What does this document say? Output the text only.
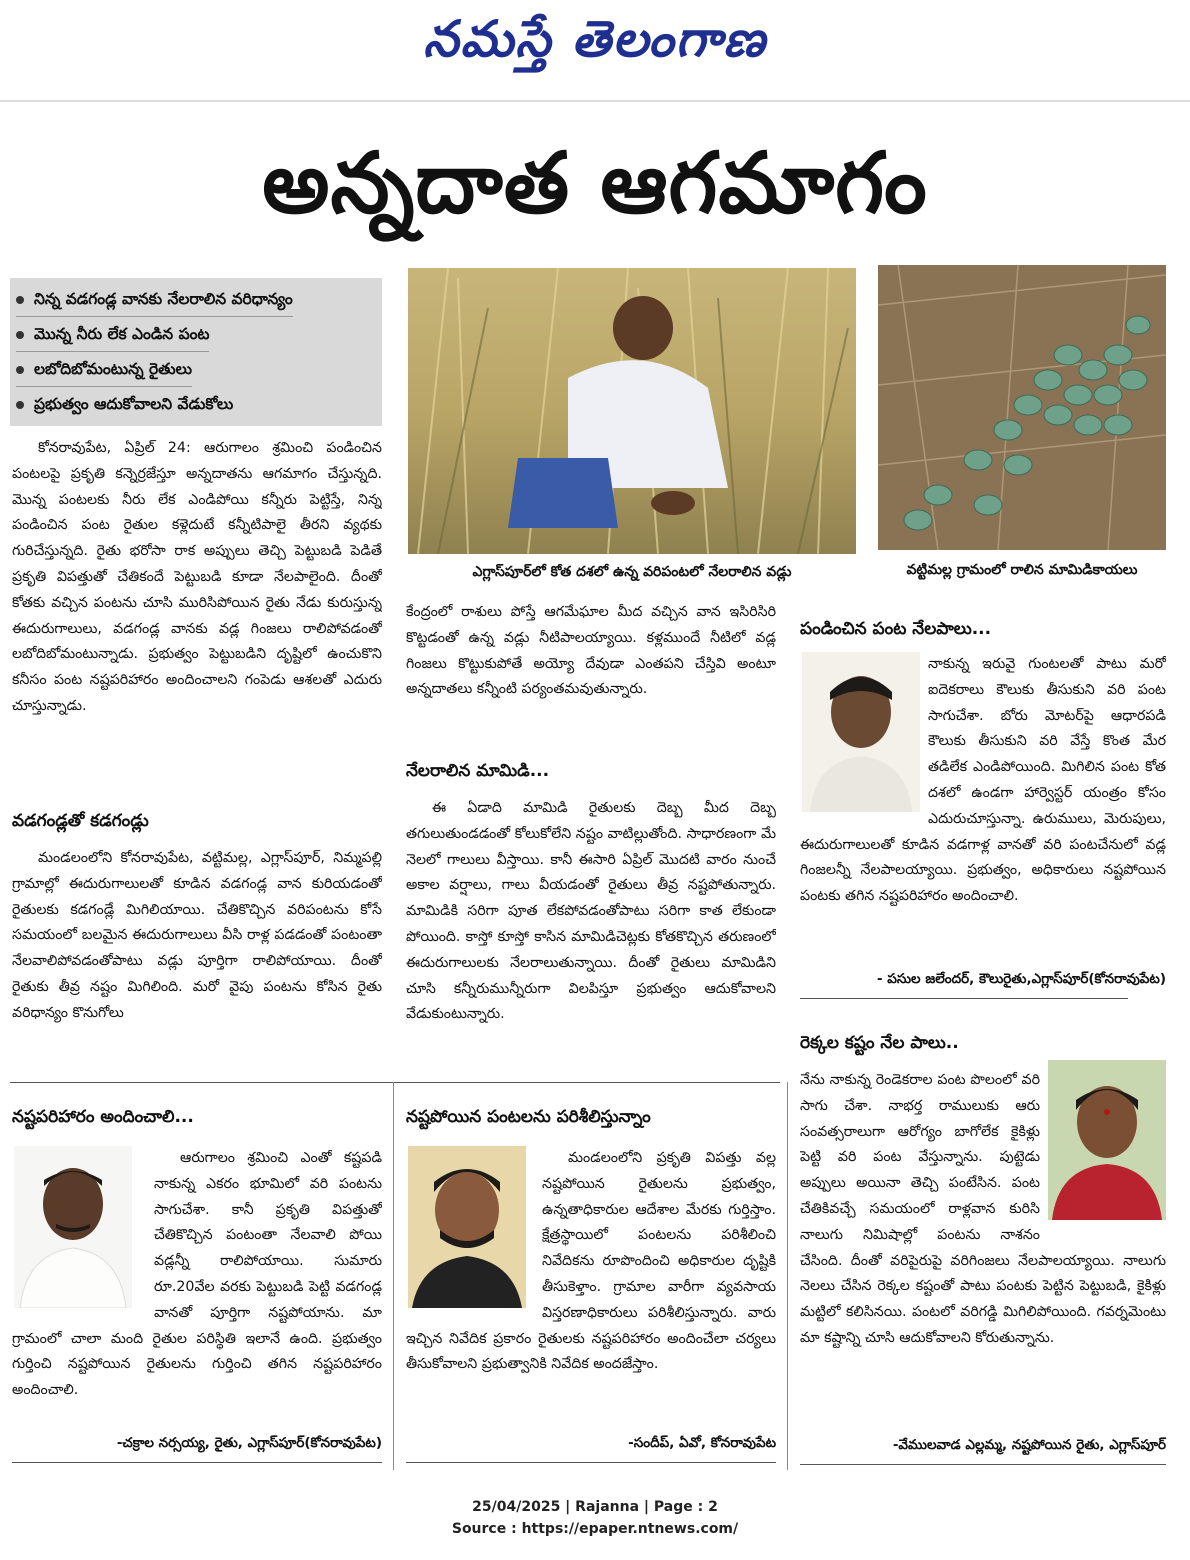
నమస్తే తెలంగాణ
అన్నదాత ఆగమాగం
నిన్న వడగండ్ల వానకు నేలరాలిన వరిధాన్యం
మొన్న నీరు లేక ఎండిన పంట
లబోదిబోమంటున్న రైతులు
ప్రభుత్వం ఆదుకోవాలని వేడుకోలు

కోనరావుపేట, ఏప్రిల్ 24: ఆరుగాలం శ్రమించి పండించిన పంటలపై ప్రకృతి కన్నెర్రజేస్తూ అన్నదాతను ఆగమాగం చేస్తున్నది. మొన్న పంటలకు నీరు లేక ఎండిపోయి కన్నీరు పెట్టిస్తే, నిన్న పండించిన పంట రైతుల కళ్లెదుటే కన్నీటిపాలై తీరని వ్యథకు గురిచేస్తున్నది. రైతు భరోసా రాక అప్పులు తెచ్చి పెట్టుబడి పెడితే ప్రకృతి విపత్తుతో చేతికందే పెట్టుబడి కూడా నేలపాలైంది. దీంతో కోతకు వచ్చిన పంటను చూసి మురిసిపోయిన రైతు నేడు కురుస్తున్న ఈదురుగాలులు, వడగండ్ల వానకు వడ్ల గింజలు రాలిపోవడంతో లబోదిబోమంటున్నాడు. ప్రభుత్వం పెట్టుబడిని దృష్టిలో ఉంచుకొని కనీసం పంట నష్టపరిహారం అందించాలని గంపెడు ఆశలతో ఎదురు చూస్తున్నాడు.

వడగండ్లతో కడగండ్లు

మండలంలోని కోనరావుపేట, వట్టిమల్ల, ఎగ్లాస్‌పూర్, నిమ్మపల్లి గ్రామాల్లో ఈదురుగాలులతో కూడిన వడగండ్ల వాన కురియడంతో రైతులకు కడగండ్లే మిగిలియాయి. చేతికొచ్చిన వరిపంటను కోసే సమయంలో బలమైన ఈదురుగాలులు వీసి రాళ్ల పడడంతో పంటంతా నేలవాలిపోవడంతోపాటు వడ్లు పూర్తిగా రాలిపోయాయి. దీంతో రైతుకు తీవ్ర నష్టం మిగిలింది. మరో వైపు పంటను కోసిన రైతు వరిధాన్యం కొనుగోలు

ఎగ్లాస్‌పూర్‌లో కోత దశలో ఉన్న వరిపంటలో నేలరాలిన వడ్లు	వట్టిమల్ల గ్రామంలో రాలిన మామిడికాయలు

కేంద్రంలో రాశులు పోస్తే ఆగమేఘాల మీద వచ్చిన వాన ఇసిరిసిరి కొట్టడంతో ఉన్న వడ్లు నీటిపాలయ్యాయి. కళ్లముందే నీటిలో వడ్ల గింజలు కొట్టుకుపోతే అయ్యో దేవుడా ఎంతపని చేస్తివి అంటూ అన్నదాతలు కన్నీంటి పర్యంతమవుతున్నారు.

నేలరాలిన మామిడి...

ఈ ఏడాది మామిడి రైతులకు దెబ్బ మీద దెబ్బ తగులుతుండడంతో కోలుకోలేని నష్టం వాటిల్లుతోంది. సాధారణంగా మే నెలలో గాలులు వీస్తాయి. కానీ ఈసారి ఏప్రిల్ మొదటి వారం నుంచే అకాల వర్షాలు, గాలు వీయడంతో రైతులు తీవ్ర నష్టపోతున్నారు. మామిడికి సరిగా పూత లేకపోవడంతోపాటు సరిగా కాత లేకుండా పోయింది. కాస్తో కూస్తో కాసిన మామిడిచెట్లకు కోతకొచ్చిన తరుణంలో ఈదురుగాలులకు నేలరాలుతున్నాయి. దీంతో రైతులు మామిడిని చూసి కన్నీరుమున్నీరుగా విలపిస్తూ ప్రభుత్వం ఆదుకోవాలని వేడుకుంటున్నారు.

పండించిన పంట నేలపాలు...

నాకున్న ఇరువై గుంటలతో పాటు మరో ఐదెకరాలు కౌలుకు తీసుకుని వరి పంట సాగుచేశా. బోరు మోటర్‌పై ఆధారపడి కౌలుకు తీసుకుని వరి వేస్తే కొంత మేర తడిలేక ఎండిపోయింది. మిగిలిన పంట కోత దశలో ఉండగా హార్వెస్టర్ యంత్రం కోసం ఎదురుచూస్తున్నా. ఉరుములు, మెరుపులు, ఈదురుగాలులతో కూడిన వడగాళ్ల వానతో వరి పంటచేనులో వడ్ల గింజలన్నీ నేలపాలయ్యాయి. ప్రభుత్వం, అధికారులు నష్టపోయిన పంటకు తగిన నష్టపరిహారం అందించాలి.

- పసుల జలేందర్, కౌలురైతు,ఎగ్లాస్‌పూర్(కోనరావుపేట)
రెక్కల కష్టం నేల పాలు..

నేను నాకున్న రెండెకరాల పంట పొలంలో వరి సాగు చేశా. నాభర్త రాములుకు ఆరు సంవత్సరాలుగా ఆరోగ్యం బాగోలేక కైకిళ్లు పెట్టి వరి పంట వేస్తున్నాను. పుట్టెడు అప్పులు అయినా తెచ్చి పంటేసిన. పంట చేతికివచ్చే సమయంలో రాళ్లవాన కురిసి నాలుగు నిమిషాల్లో పంటను నాశనం చేసింది. దీంతో వరిపైరుపై వరిగింజలు నేలపాలయ్యాయి. నాలుగు నెలలు చేసిన రెక్కల కష్టంతో పాటు పంటకు పెట్టిన పెట్టుబడి, కైకిళ్లు మట్టిలో కలిసినయి. పంటలో వరిగడ్డి మిగిలిపోయింది. గవర్నమెంటు మా కష్టాన్ని చూసి ఆదుకోవాలని కోరుతున్నాను.

-వేములవాడ ఎల్లమ్మ, నష్టపోయిన రైతు, ఎగ్లాస్‌పూర్
నష్టపరిహారం అందించాలి...

ఆరుగాలం శ్రమించి ఎంతో కష్టపడి నాకున్న ఎకరం భూమిలో వరి పంటను సాగుచేశా. కానీ ప్రకృతి విపత్తుతో చేతికొచ్చిన పంటంతా నేలవాలి పోయి వడ్లన్నీ రాలిపోయాయి. సుమారు రూ.20వేల వరకు పెట్టుబడి పెట్టి వడగండ్ల వానతో పూర్తిగా నష్టపోయాను. మా గ్రామంలో చాలా మంది రైతుల పరిస్థితి ఇలానే ఉంది. ప్రభుత్వం గుర్తించి నష్టపోయిన రైతులను గుర్తించి తగిన నష్టపరిహారం అందించాలి.

-చక్రాల నర్సయ్య, రైతు, ఎగ్లాస్‌పూర్(కోనరావుపేట)
నష్టపోయిన పంటలను పరిశీలిస్తున్నాం

మండలంలోని ప్రకృతి విపత్తు వల్ల నష్టపోయిన రైతులను ప్రభుత్వం, ఉన్నతాధికారుల ఆదేశాల మేరకు గుర్తిస్తాం. క్షేత్రస్థాయిలో పంటలను పరిశీలించి నివేదికను రూపొందించి అధికారుల దృష్టికి తీసుకెళ్తాం. గ్రామాల వారీగా వ్యవసాయ విస్తరణాధికారులు పరిశీలిస్తున్నారు. వారు ఇచ్చిన నివేదిక ప్రకారం రైతులకు నష్టపరిహారం అందించేలా చర్యలు తీసుకోవాలని ప్రభుత్వానికి నివేదిక అందజేస్తాం.

-సందీప్, ఏవో, కోనరావుపేట
25/04/2025 | Rajanna | Page : 2
Source : https://epaper.ntnews.com/
